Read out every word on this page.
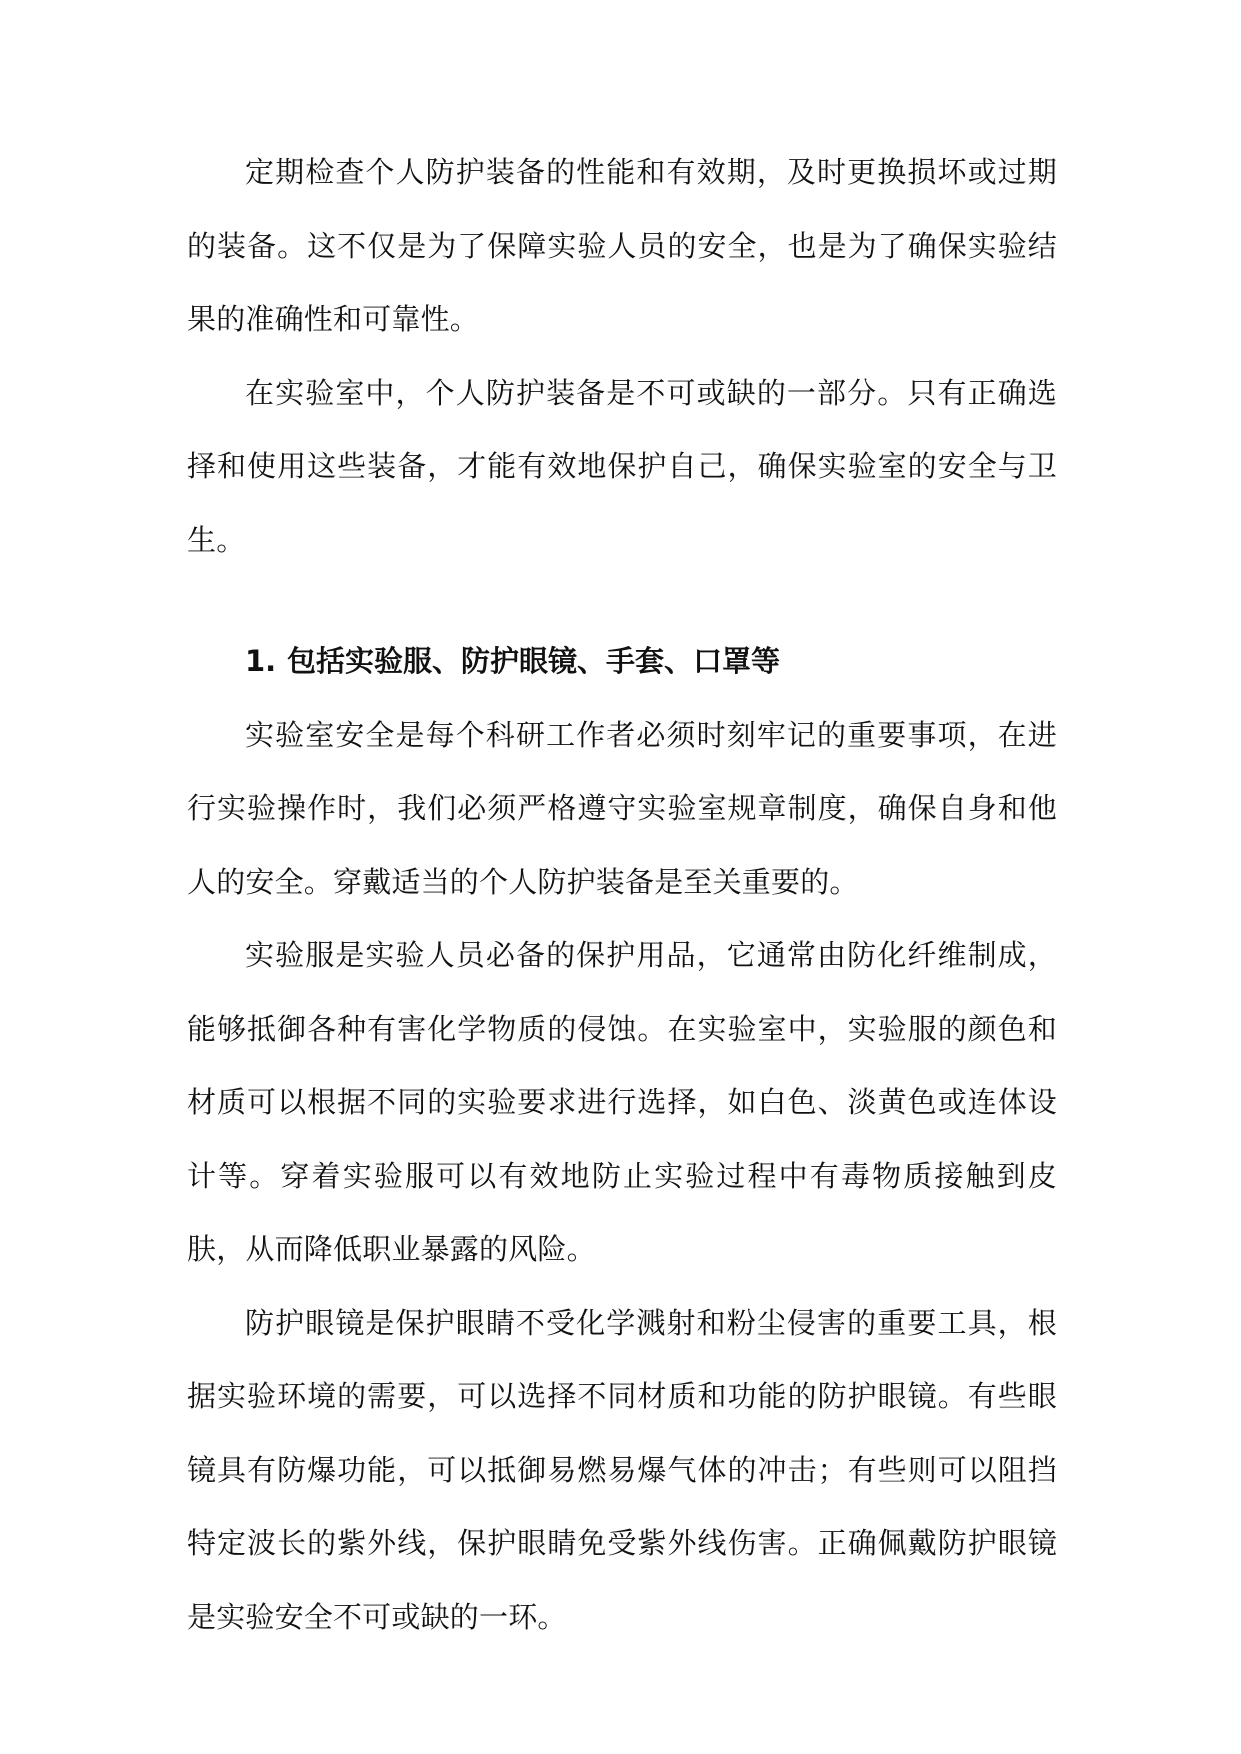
定期检查个人防护装备的性能和有效期，及时更换损坏或过期的装备。这不仅是为了保障实验人员的安全，也是为了确保实验结果的准确性和可靠性。

在实验室中，个人防护装备是不可或缺的一部分。只有正确选择和使用这些装备，才能有效地保护自己，确保实验室的安全与卫生。

1. 包括实验服、防护眼镜、手套、口罩等

实验室安全是每个科研工作者必须时刻牢记的重要事项，在进行实验操作时，我们必须严格遵守实验室规章制度，确保自身和他人的安全。穿戴适当的个人防护装备是至关重要的。

实验服是实验人员必备的保护用品，它通常由防化纤维制成，能够抵御各种有害化学物质的侵蚀。在实验室中，实验服的颜色和材质可以根据不同的实验要求进行选择，如白色、淡黄色或连体设计等。穿着实验服可以有效地防止实验过程中有毒物质接触到皮肤，从而降低职业暴露的风险。

防护眼镜是保护眼睛不受化学溅射和粉尘侵害的重要工具，根据实验环境的需要，可以选择不同材质和功能的防护眼镜。有些眼镜具有防爆功能，可以抵御易燃易爆气体的冲击；有些则可以阻挡特定波长的紫外线，保护眼睛免受紫外线伤害。正确佩戴防护眼镜是实验安全不可或缺的一环。
